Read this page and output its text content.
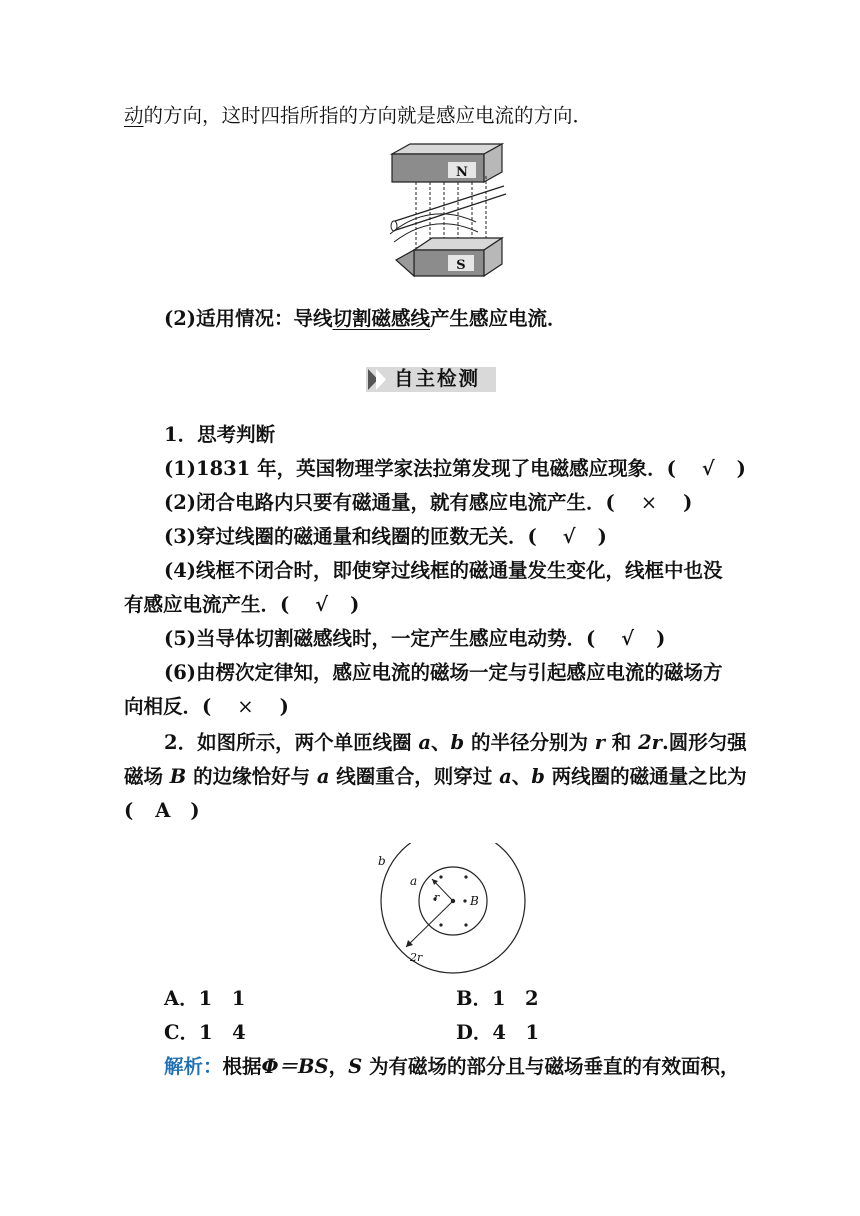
动的方向，这时四指所指的方向就是感应电流的方向．
N
S
(2)适用情况：导线切割磁感线产生感应电流．
自主检测
1．思考判断
(1)1831 年，英国物理学家法拉第发现了电磁感应现象．( √ )
(2)闭合电路内只要有磁通量，就有感应电流产生．( × )
(3)穿过线圈的磁通量和线圈的匝数无关．( √ )
(4)线框不闭合时，即使穿过线框的磁通量发生变化，线框中也没
有感应电流产生．( √ )
(5)当导体切割磁感线时，一定产生感应电动势．( √ )
(6)由楞次定律知，感应电流的磁场一定与引起感应电流的磁场方
向相反．( × )
2．如图所示，两个单匝线圈 a、b 的半径分别为 r 和 2r.圆形匀强
磁场 B 的边缘恰好与 a 线圈重合，则穿过 a、b 两线圈的磁通量之比为
( A )
b
a
r	B
2r
A．1　1	B．1　2
C．1　4	D．4　1
解析：根据Φ＝BS，S 为有磁场的部分且与磁场垂直的有效面积，
